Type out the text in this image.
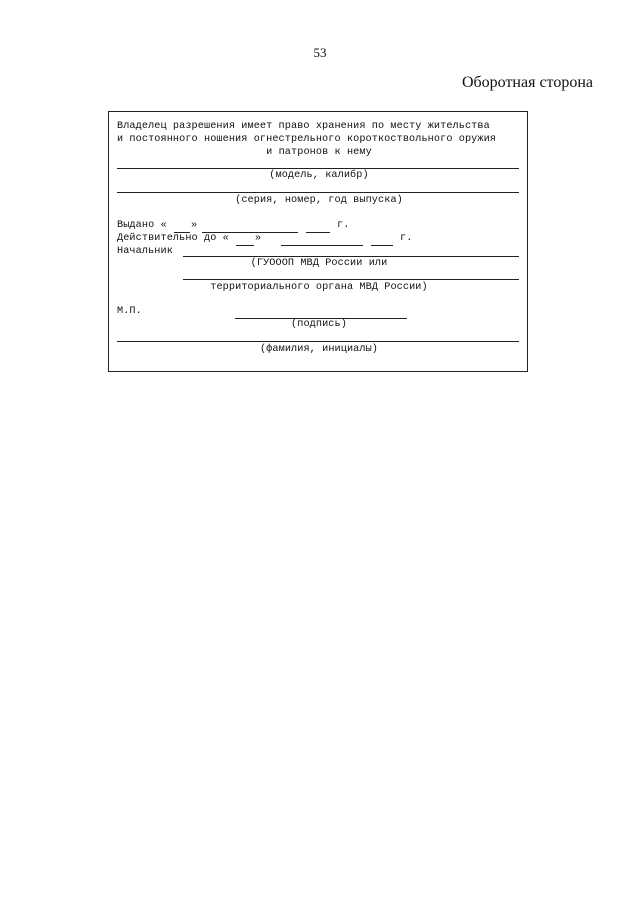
53
Оборотная сторона
Владелец разрешения имеет право хранения по месту жительства
и постоянного ношения огнестрельного короткоствольного оружия
и патронов к нему
(модель, калибр)
(серия, номер, год выпуска)
Выдано « »	г.
Действительно до «	»	г.
Начальник
(ГУОООП МВД России или
территориального органа МВД России)
М.П.
(подпись)
(фамилия, инициалы)
